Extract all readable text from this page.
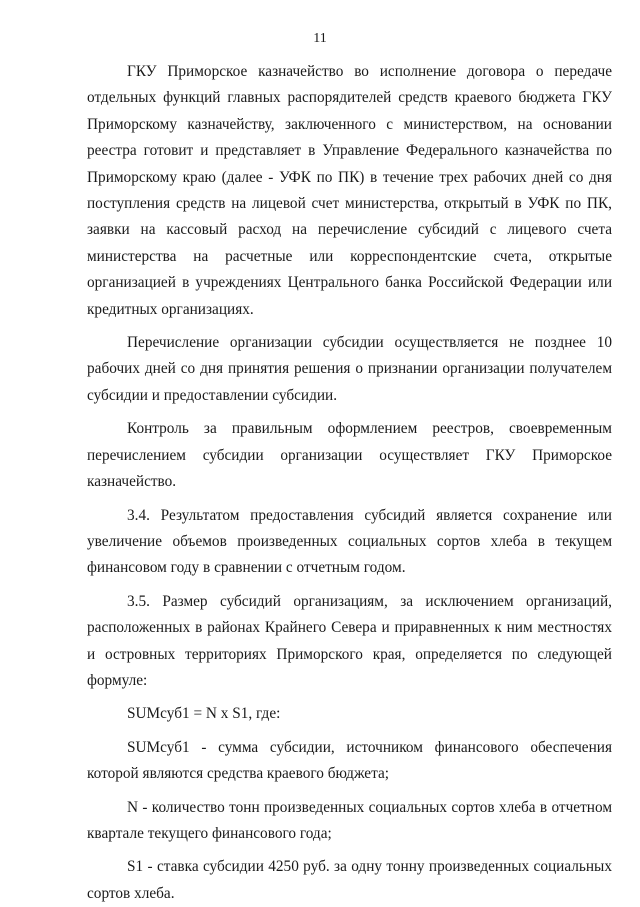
11

ГКУ Приморское казначейство во исполнение договора о передаче отдельных функций главных распорядителей средств краевого бюджета ГКУ Приморскому казначейству, заключенного с министерством, на основании реестра готовит и представляет в Управление Федерального казначейства по Приморскому краю (далее - УФК по ПК) в течение трех рабочих дней со дня поступления средств на лицевой счет министерства, открытый в УФК по ПК, заявки на кассовый расход на перечисление субсидий с лицевого счета министерства на расчетные или корреспондентские счета, открытые организацией в учреждениях Центрального банка Российской Федерации или кредитных организациях.

Перечисление организации субсидии осуществляется не позднее 10 рабочих дней со дня принятия решения о признании организации получателем субсидии и предоставлении субсидии.

Контроль за правильным оформлением реестров, своевременным перечислением субсидии организации осуществляет ГКУ Приморское казначейство.

3.4. Результатом предоставления субсидий является сохранение или увеличение объемов произведенных социальных сортов хлеба в текущем финансовом году в сравнении с отчетным годом.

3.5. Размер субсидий организациям, за исключением организаций, расположенных в районах Крайнего Севера и приравненных к ним местностях и островных территориях Приморского края, определяется по следующей формуле:

SUMсуб1 = N x S1, где:

SUMсуб1 - сумма субсидии, источником финансового обеспечения которой являются средства краевого бюджета;

N - количество тонн произведенных социальных сортов хлеба в отчетном квартале текущего финансового года;

S1 - ставка субсидии 4250 руб. за одну тонну произведенных социальных сортов хлеба.
